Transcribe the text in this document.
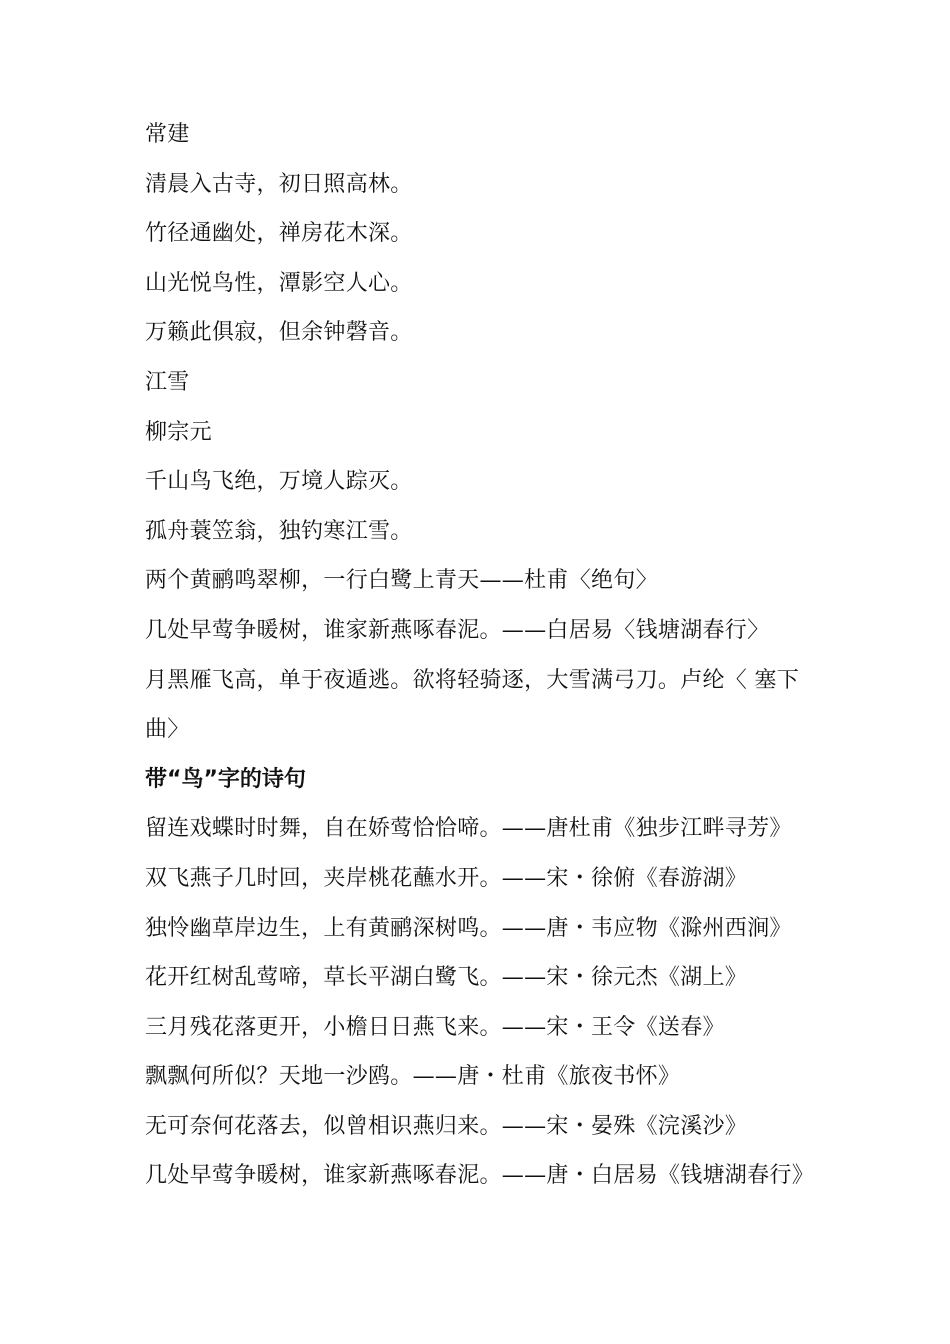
常建
清晨入古寺，初日照高林。
竹径通幽处，禅房花木深。
山光悦鸟性，潭影空人心。
万籁此俱寂，但余钟磬音。
江雪
柳宗元
千山鸟飞绝，万境人踪灭。
孤舟蓑笠翁，独钓寒江雪。
两个黄鹂鸣翠柳，一行白鹭上青天——杜甫〈绝句〉
几处早莺争暖树，谁家新燕啄春泥。——白居易〈钱塘湖春行〉
月黑雁飞高，单于夜遁逃。欲将轻骑逐，大雪满弓刀。卢纶〈 塞下
曲〉
带“鸟”字的诗句
留连戏蝶时时舞，自在娇莺恰恰啼。——唐杜甫《独步江畔寻芳》
双飞燕子几时回，夹岸桃花蘸水开。——宋・徐俯《春游湖》
独怜幽草岸边生，上有黄鹂深树鸣。——唐・韦应物《滁州西涧》
花开红树乱莺啼，草长平湖白鹭飞。——宋・徐元杰《湖上》
三月残花落更开，小檐日日燕飞来。——宋・王令《送春》
飘飘何所似？天地一沙鸥。——唐・杜甫《旅夜书怀》
无可奈何花落去，似曾相识燕归来。——宋・晏殊《浣溪沙》
几处早莺争暖树，谁家新燕啄春泥。——唐・白居易《钱塘湖春行》
